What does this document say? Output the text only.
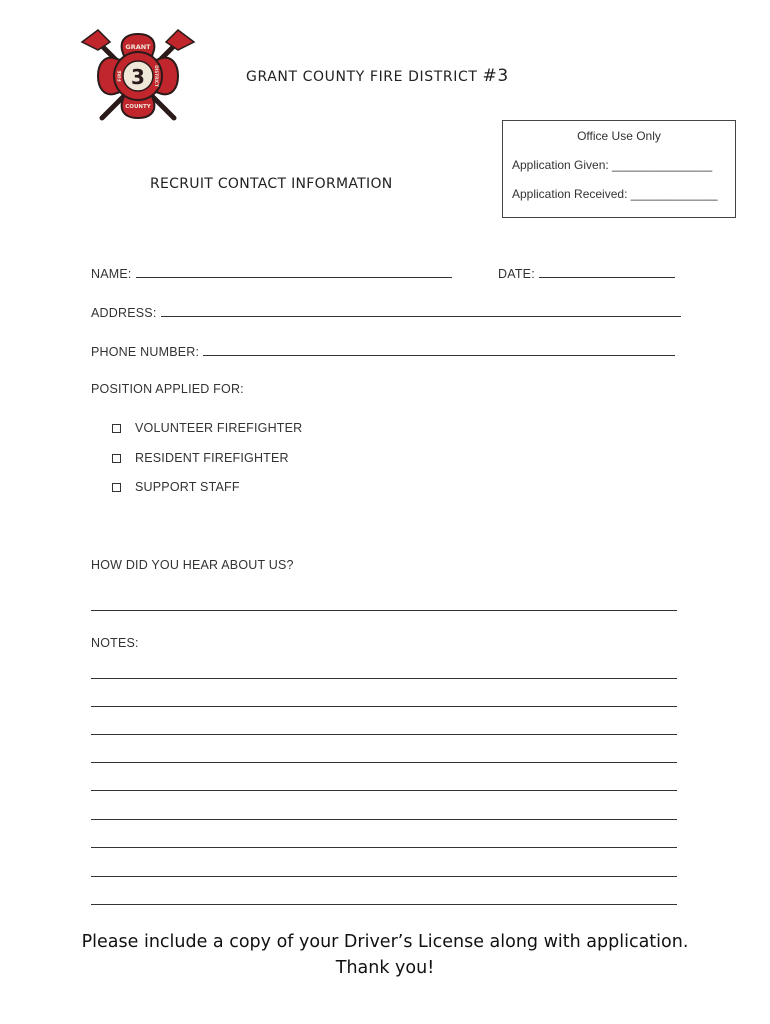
GRANT
COUNTY
FIRE	DISTRICT
3	GRANT COUNTY FIRE DISTRICT #3
RECRUIT CONTACT INFORMATION
Office Use Only
Application Given: _______________
Application Received: _____________
NAME:	DATE:
ADDRESS:
PHONE NUMBER:
POSITION APPLIED FOR:
VOLUNTEER FIREFIGHTER
RESIDENT FIREFIGHTER
SUPPORT STAFF
HOW DID YOU HEAR ABOUT US?
NOTES:
Please include a copy of your Driver’s License along with application.
Thank you!
